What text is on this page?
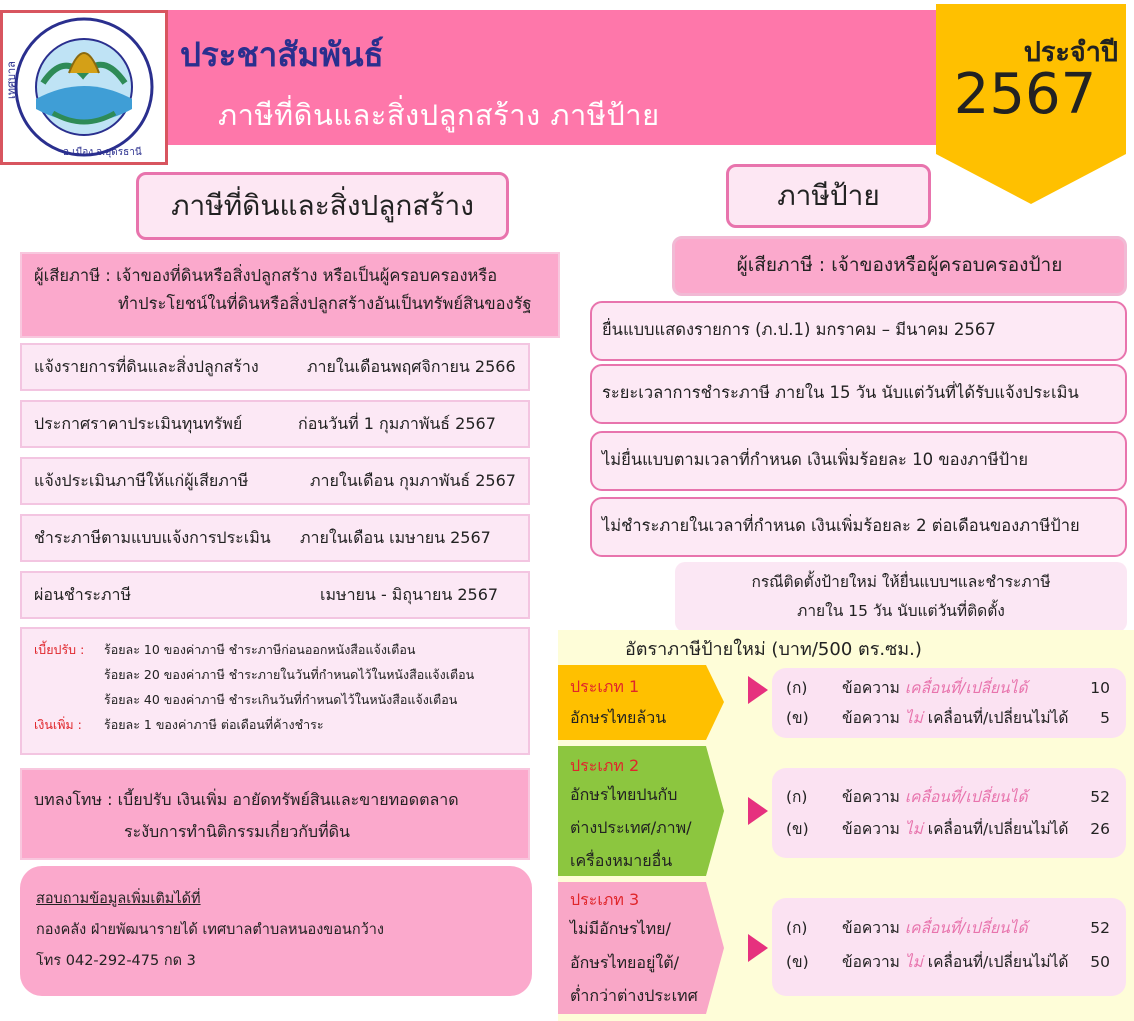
เทศบาล
อ.เมือง จ.อุดรธานี
ประชาสัมพันธ์
ภาษีที่ดินและสิ่งปลูกสร้าง ภาษีป้าย
ประจำปี
2567
ภาษีที่ดินและสิ่งปลูกสร้าง
ผู้เสียภาษี : เจ้าของที่ดินหรือสิ่งปลูกสร้าง หรือเป็นผู้ครอบครองหรือ
ทำประโยชน์ในที่ดินหรือสิ่งปลูกสร้างอันเป็นทรัพย์สินของรัฐ
แจ้งรายการที่ดินและสิ่งปลูกสร้าง	ภายในเดือนพฤศจิกายน 2566
ประกาศราคาประเมินทุนทรัพย์	ก่อนวันที่ 1 กุมภาพันธ์ 2567
แจ้งประเมินภาษีให้แก่ผู้เสียภาษี	ภายในเดือน กุมภาพันธ์ 2567
ชำระภาษีตามแบบแจ้งการประเมิน ภายในเดือน เมษายน 2567
ผ่อนชำระภาษี	เมษายน - มิถุนายน 2567
เบี้ยปรับ : ร้อยละ 10 ของค่าภาษี ชำระภาษีก่อนออกหนังสือแจ้งเตือน
ร้อยละ 20 ของค่าภาษี ชำระภายในวันที่กำหนดไว้ในหนังสือแจ้งเตือน
ร้อยละ 40 ของค่าภาษี ชำระเกินวันที่กำหนดไว้ในหนังสือแจ้งเตือน
เงินเพิ่ม : ร้อยละ 1 ของค่าภาษี ต่อเดือนที่ค้างชำระ
บทลงโทษ : เบี้ยปรับ เงินเพิ่ม อายัดทรัพย์สินและขายทอดตลาด
ระงับการทำนิติกรรมเกี่ยวกับที่ดิน
สอบถามข้อมูลเพิ่มเติมได้ที่
กองคลัง ฝ่ายพัฒนารายได้ เทศบาลตำบลหนองขอนกว้าง
โทร 042-292-475 กด 3
ภาษีป้าย
ผู้เสียภาษี : เจ้าของหรือผู้ครอบครองป้าย
ยื่นแบบแสดงรายการ (ภ.ป.1) มกราคม – มีนาคม 2567
ระยะเวลาการชำระภาษี ภายใน 15 วัน นับแต่วันที่ได้รับแจ้งประเมิน
ไม่ยื่นแบบตามเวลาที่กำหนด เงินเพิ่มร้อยละ 10 ของภาษีป้าย
ไม่ชำระภายในเวลาที่กำหนด เงินเพิ่มร้อยละ 2 ต่อเดือนของภาษีป้าย
กรณีติดตั้งป้ายใหม่ ให้ยื่นแบบฯและชำระภาษี
ภายใน 15 วัน นับแต่วันที่ติดตั้ง
อัตราภาษีป้ายใหม่ (บาท/500 ตร.ซม.)
ประเภท 1
อักษรไทยล้วน
(ก) ข้อความ เคลื่อนที่/เปลี่ยนได้	10
(ข) ข้อความ ไม่ เคลื่อนที่/เปลี่ยนไม่ได้ 5
ประเภท 2
อักษรไทยปนกับ
ต่างประเทศ/ภาพ/
เครื่องหมายอื่น
(ก) ข้อความ เคลื่อนที่/เปลี่ยนได้	52
(ข) ข้อความ ไม่ เคลื่อนที่/เปลี่ยนไม่ได้ 26
ประเภท 3
ไม่มีอักษรไทย/
อักษรไทยอยู่ใต้/
ต่ำกว่าต่างประเทศ
(ก) ข้อความ เคลื่อนที่/เปลี่ยนได้	52
(ข) ข้อความ ไม่ เคลื่อนที่/เปลี่ยนไม่ได้ 50
